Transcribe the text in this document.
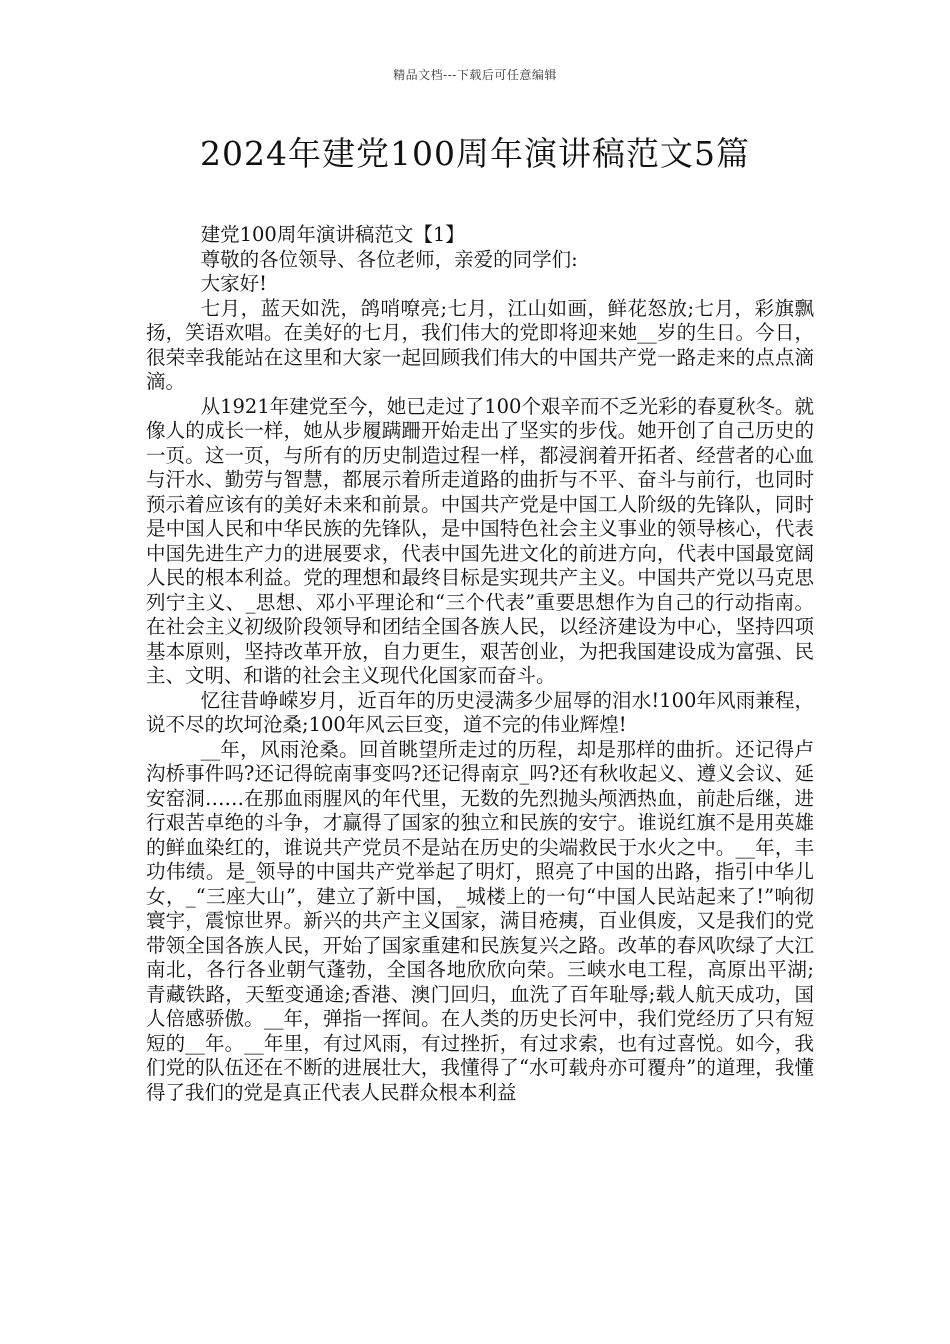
精品文档---下载后可任意编辑
2024年建党100周年演讲稿范文5篇

建党100周年演讲稿范文【1】

尊敬的各位领导、各位老师，亲爱的同学们:

大家好!

七月，蓝天如洗，鸽哨嘹亮;七月，江山如画，鲜花怒放;七月，彩旗飘扬，笑语欢唱。在美好的七月，我们伟大的党即将迎来她__岁的生日。今日，很荣幸我能站在这里和大家一起回顾我们伟大的中国共产党一路走来的点点滴滴。

从1921年建党至今，她已走过了100个艰辛而不乏光彩的春夏秋冬。就像人的成长一样，她从步履蹒跚开始走出了坚实的步伐。她开创了自己历史的一页。这一页，与所有的历史制造过程一样，都浸润着开拓者、经营者的心血与汗水、勤劳与智慧，都展示着所走道路的曲折与不平、奋斗与前行，也同时预示着应该有的美好未来和前景。中国共产党是中国工人阶级的先锋队，同时是中国人民和中华民族的先锋队，是中国特色社会主义事业的领导核心，代表中国先进生产力的进展要求，代表中国先进文化的前进方向，代表中国最宽阔人民的根本利益。党的理想和最终目标是实现共产主义。中国共产党以马克思列宁主义、_思想、邓小平理论和“三个代表”重要思想作为自己的行动指南。在社会主义初级阶段领导和团结全国各族人民，以经济建设为中心，坚持四项基本原则，坚持改革开放，自力更生，艰苦创业，为把我国建设成为富强、民主、文明、和谐的社会主义现代化国家而奋斗。

忆往昔峥嵘岁月，近百年的历史浸满多少屈辱的泪水!100年风雨兼程，说不尽的坎坷沧桑;100年风云巨变，道不完的伟业辉煌!

__年，风雨沧桑。回首眺望所走过的历程，却是那样的曲折。还记得卢沟桥事件吗?还记得皖南事变吗?还记得南京_吗?还有秋收起义、遵义会议、延安窑洞……在那血雨腥风的年代里，无数的先烈抛头颅洒热血，前赴后继，进行艰苦卓绝的斗争，才赢得了国家的独立和民族的安宁。谁说红旗不是用英雄的鲜血染红的，谁说共产党员不是站在历史的尖端救民于水火之中。__年，丰功伟绩。是_领导的中国共产党举起了明灯，照亮了中国的出路，指引中华儿女，_“三座大山”，建立了新中国，_城楼上的一句“中国人民站起来了!”响彻寰宇，震惊世界。新兴的共产主义国家，满目疮痍，百业俱废，又是我们的党带领全国各族人民，开始了国家重建和民族复兴之路。改革的春风吹绿了大江南北，各行各业朝气蓬勃，全国各地欣欣向荣。三峡水电工程，高原出平湖;青藏铁路，天堑变通途;香港、澳门回归，血洗了百年耻辱;载人航天成功，国人倍感骄傲。__年，弹指一挥间。在人类的历史长河中，我们党经历了只有短短的__年。__年里，有过风雨，有过挫折，有过求索，也有过喜悦。如今，我们党的队伍还在不断的进展壮大，我懂得了“水可载舟亦可覆舟”的道理，我懂得了我们的党是真正代表人民群众根本利益
